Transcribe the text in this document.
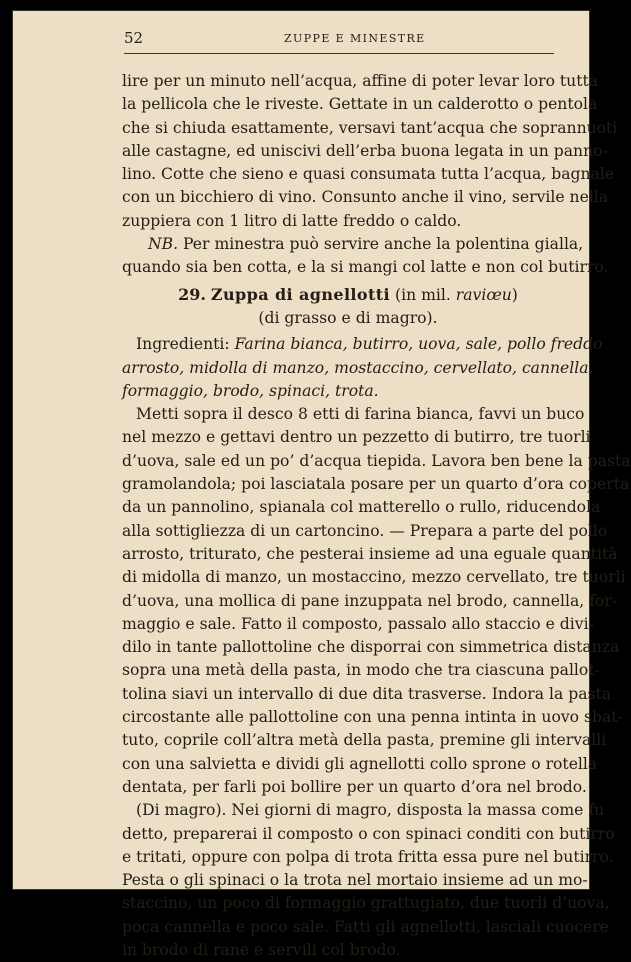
52	ZUPPE E MINESTRE
lire per un minuto nell’acqua, affine di poter levar loro tutta
la pellicola che le riveste. Gettate in un calderotto o pentola
che si chiuda esattamente, versavi tant’acqua che soprannuoti
alle castagne, ed uniscivi dell’erba buona legata in un panno-
lino. Cotte che sieno e quasi consumata tutta l’acqua, bagnale
con un bicchiero di vino. Consunto anche il vino, servile nella
zuppiera con 1 litro di latte freddo o caldo.
NB. Per minestra può servire anche la polentina gialla,
quando sia ben cotta, e la si mangi col latte e non col butirro.
29. Zuppa di agnellotti (in mil. raviœu)
(di grasso e di magro).
Ingredienti: Farina bianca, butirro, uova, sale, pollo freddo
arrosto, midolla di manzo, mostaccino, cervellato, cannella,
formaggio, brodo, spinaci, trota.
Metti sopra il desco 8 etti di farina bianca, favvi un buco
nel mezzo e gettavi dentro un pezzetto di butirro, tre tuorli
d’uova, sale ed un po’ d’acqua tiepida. Lavora ben bene la pasta
gramolandola; poi lasciatala posare per un quarto d’ora coperta
da un pannolino, spianala col matterello o rullo, riducendola
alla sottigliezza di un cartoncino. — Prepara a parte del pollo
arrosto, triturato, che pesterai insieme ad una eguale quantità
di midolla di manzo, un mostaccino, mezzo cervellato, tre tuorli
d’uova, una mollica di pane inzuppata nel brodo, cannella, for-
maggio e sale. Fatto il composto, passalo allo staccio e divi-
dilo in tante pallottoline che disporrai con simmetrica distanza
sopra una metà della pasta, in modo che tra ciascuna pallot-
tolina siavi un intervallo di due dita trasverse. Indora la pasta
circostante alle pallottoline con una penna intinta in uovo sbat-
tuto, coprile coll’altra metà della pasta, premine gli intervalli
con una salvietta e dividi gli agnellotti collo sprone o rotella
dentata, per farli poi bollire per un quarto d’ora nel brodo.
(Di magro). Nei giorni di magro, disposta la massa come fu
detto, preparerai il composto o con spinaci conditi con butirro
e tritati, oppure con polpa di trota fritta essa pure nel butirro.
Pesta o gli spinaci o la trota nel mortaio insieme ad un mo-
staccino, un poco di formaggio grattugiato, due tuorli d’uova,
poca cannella e poco sale. Fatti gli agnellotti, lasciali cuocere
in brodo di rane e servili col brodo.
